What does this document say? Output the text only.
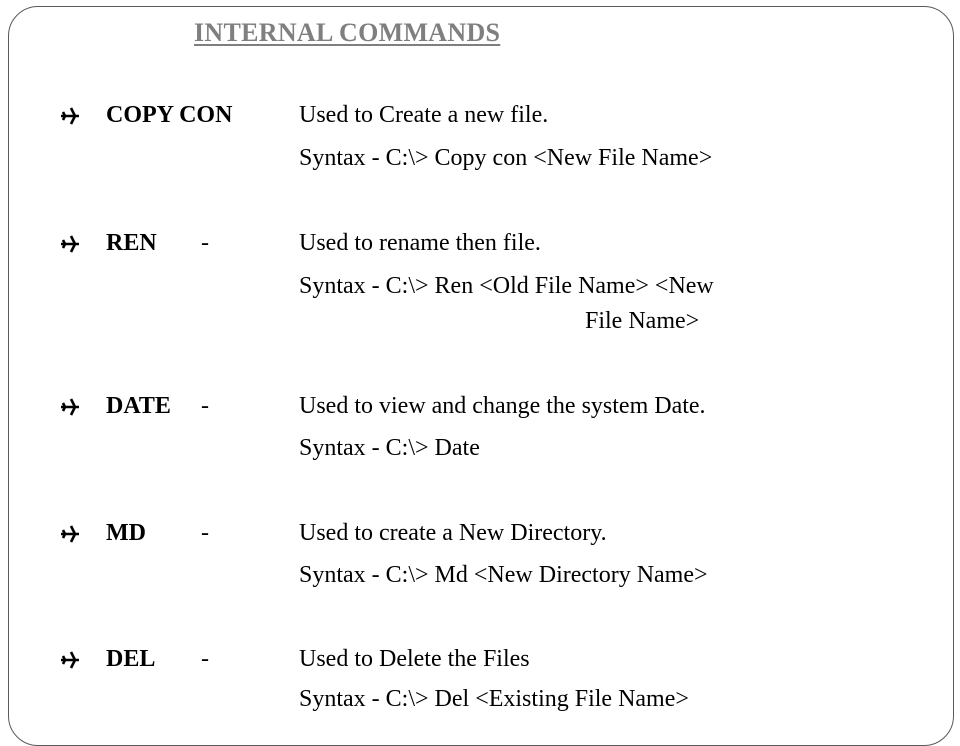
INTERNAL COMMANDS
COPY CON	Used to Create a new file.
Syntax - C:\> Copy con <New File Name>
REN -	Used to rename then file.
Syntax - C:\> Ren <Old File Name> <New
File Name>
DATE -	Used to view and change the system Date.
Syntax - C:\> Date
MD -	Used to create a New Directory.
Syntax - C:\> Md <New Directory Name>
DEL -	Used to Delete the Files
Syntax - C:\> Del <Existing File Name>
